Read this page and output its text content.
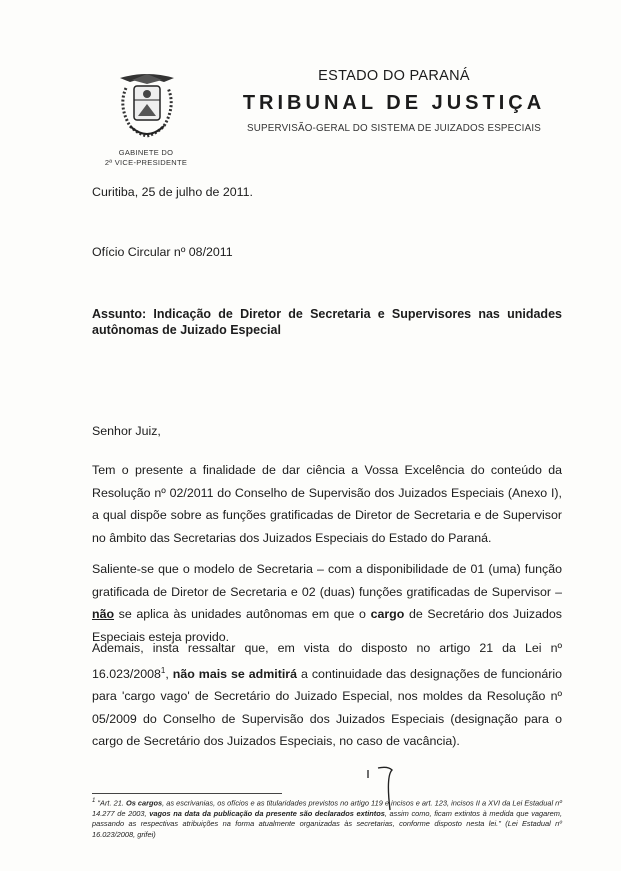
GABINETE DO
2ª VICE-PRESIDENTE
ESTADO DO PARANÁ
TRIBUNAL DE JUSTIÇA
SUPERVISÃO-GERAL DO SISTEMA DE JUIZADOS ESPECIAIS
Curitiba, 25 de julho de 2011.
Ofício Circular nº 08/2011
Assunto: Indicação de Diretor de Secretaria e Supervisores nas unidades autônomas de Juizado Especial
Senhor Juiz,
Tem o presente a finalidade de dar ciência a Vossa Excelência do conteúdo da Resolução nº 02/2011 do Conselho de Supervisão dos Juizados Especiais (Anexo I), a qual dispõe sobre as funções gratificadas de Diretor de Secretaria e de Supervisor no âmbito das Secretarias dos Juizados Especiais do Estado do Paraná.
Saliente-se que o modelo de Secretaria – com a disponibilidade de 01 (uma) função gratificada de Diretor de Secretaria e 02 (duas) funções gratificadas de Supervisor – não se aplica às unidades autônomas em que o cargo de Secretário dos Juizados Especiais esteja provido.
Ademais, insta ressaltar que, em vista do disposto no artigo 21 da Lei nº 16.023/2008$^1$, não mais se admitirá a continuidade das designações de funcionário para 'cargo vago' de Secretário do Juizado Especial, nos moldes da Resolução nº 05/2009 do Conselho de Supervisão dos Juizados Especiais (designação para o cargo de Secretário dos Juizados Especiais, no caso de vacância).
$^1$ "Art. 21. Os cargos, as escrivanias, os ofícios e as titularidades previstos no artigo 119 e incisos e art. 123, incisos II a XVI da Lei Estadual nº 14.277 de 2003, vagos na data da publicação da presente são declarados extintos, assim como, ficam extintos à medida que vagarem, passando as respectivas atribuições na forma atualmente organizadas às secretarias, conforme disposto nesta lei." (Lei Estadual nº 16.023/2008, grifei)
